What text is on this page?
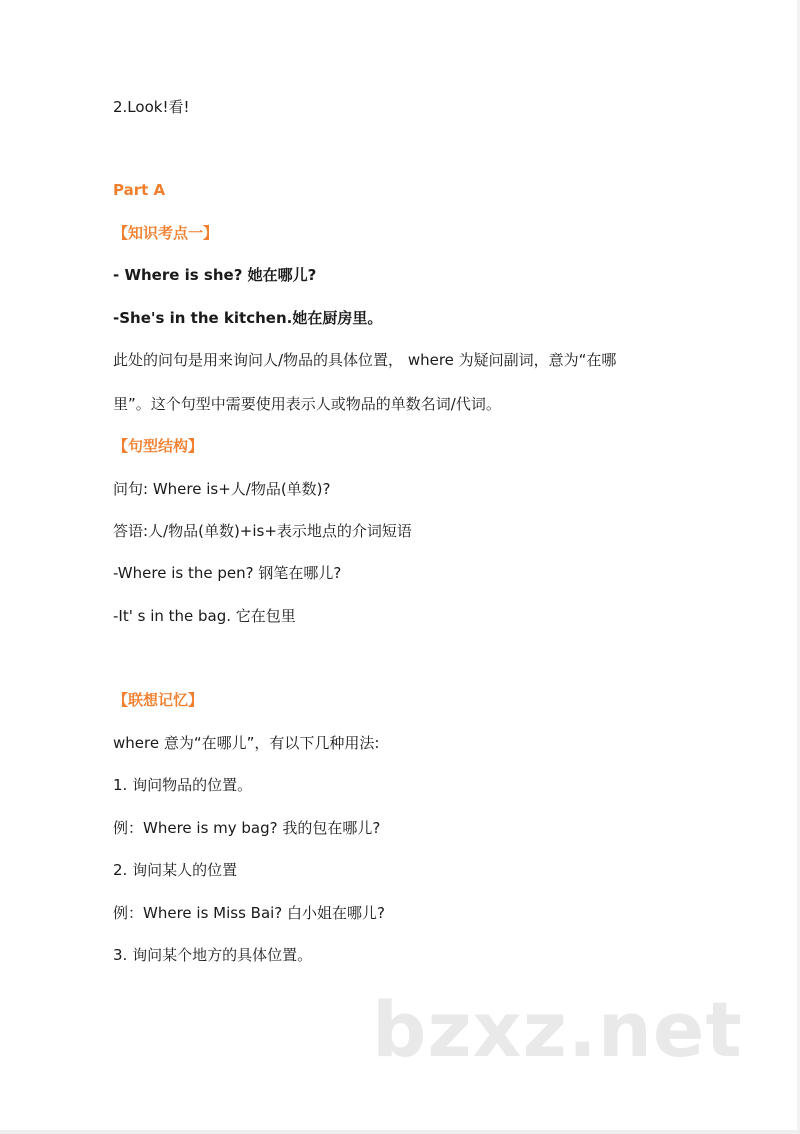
2.Look!看!
Part A
【知识考点一】
- Where is she? 她在哪儿?
-She's in the kitchen.她在厨房里。
此处的问句是用来询问人/物品的具体位置， where 为疑问副词，意为“在哪
里”。这个句型中需要使用表示人或物品的单数名词/代词。
【句型结构】
问句: Where is+人/物品(单数)?
答语:人/物品(单数)+is+表示地点的介词短语
-Where is the pen? 钢笔在哪儿?
-It' s in the bag. 它在包里
【联想记忆】
where 意为“在哪儿”，有以下几种用法:
1. 询问物品的位置。
例：Where is my bag? 我的包在哪儿?
2. 询问某人的位置
例：Where is Miss Bai? 白小姐在哪儿?
3. 询问某个地方的具体位置。
bzxz.net
